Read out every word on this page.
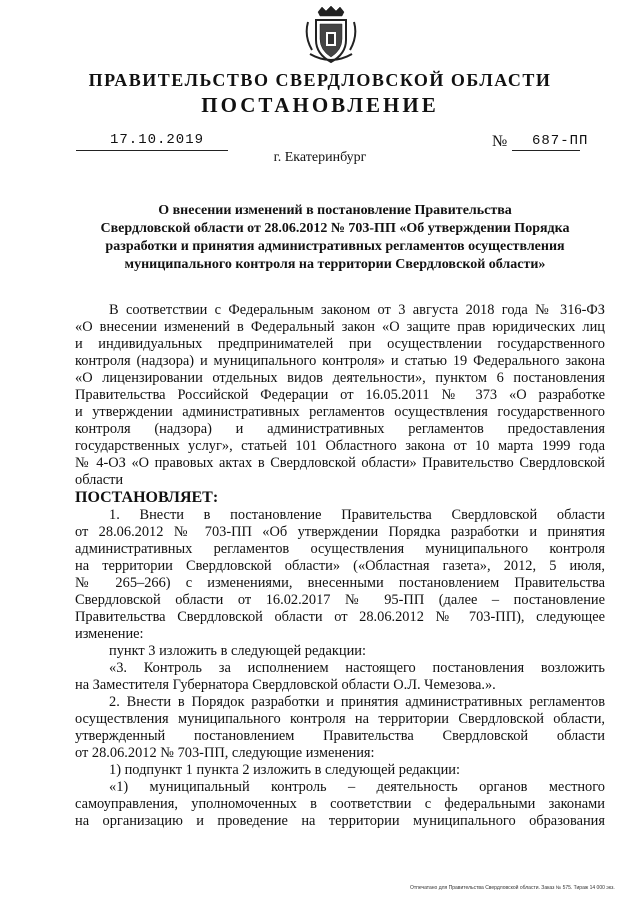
ПРАВИТЕЛЬСТВО СВЕРДЛОВСКОЙ ОБЛАСТИ
ПОСТАНОВЛЕНИЕ
17.10.2019	№ 687-ПП
г. Екатеринбург
О внесении изменений в постановление Правительства
Свердловской области от 28.06.2012 № 703-ПП «Об утверждении Порядка
разработки и принятия административных регламентов осуществления
муниципального контроля на территории Свердловской области»

В соответствии с Федеральным законом от 3 августа 2018 года № 316-ФЗ

«О внесении изменений в Федеральный закон «О защите прав юридических лиц

и индивидуальных предпринимателей при осуществлении государственного

контроля (надзора) и муниципального контроля» и статью 19 Федерального закона

«О лицензировании отдельных видов деятельности», пунктом 6 постановления

Правительства Российской Федерации от 16.05.2011 № 373 «О разработке

и утверждении административных регламентов осуществления государственного

контроля (надзора) и административных регламентов предоставления

государственных услуг», статьей 101 Областного закона от 10 марта 1999 года

№ 4-ОЗ «О правовых актах в Свердловской области» Правительство Свердловской

области

ПОСТАНОВЛЯЕТ:

1. Внести в постановление Правительства Свердловской области

от 28.06.2012 № 703-ПП «Об утверждении Порядка разработки и принятия

административных регламентов осуществления муниципального контроля

на территории Свердловской области» («Областная газета», 2012, 5 июля,

№ 265–266) с изменениями, внесенными постановлением Правительства

Свердловской области от 16.02.2017 № 95-ПП (далее – постановление

Правительства Свердловской области от 28.06.2012 № 703-ПП), следующее

изменение:

пункт 3 изложить в следующей редакции:

«3. Контроль за исполнением настоящего постановления возложить

на Заместителя Губернатора Свердловской области О.Л. Чемезова.».

2. Внести в Порядок разработки и принятия административных регламентов

осуществления муниципального контроля на территории Свердловской области,

утвержденный постановлением Правительства Свердловской области

от 28.06.2012 № 703-ПП, следующие изменения:

1) подпункт 1 пункта 2 изложить в следующей редакции:

«1) муниципальный контроль – деятельность органов местного

самоуправления, уполномоченных в соответствии с федеральными законами

на организацию и проведение на территории муниципального образования

Отпечатано для Правительства Свердловской области. Заказ № 575. Тираж 14 000 экз.
